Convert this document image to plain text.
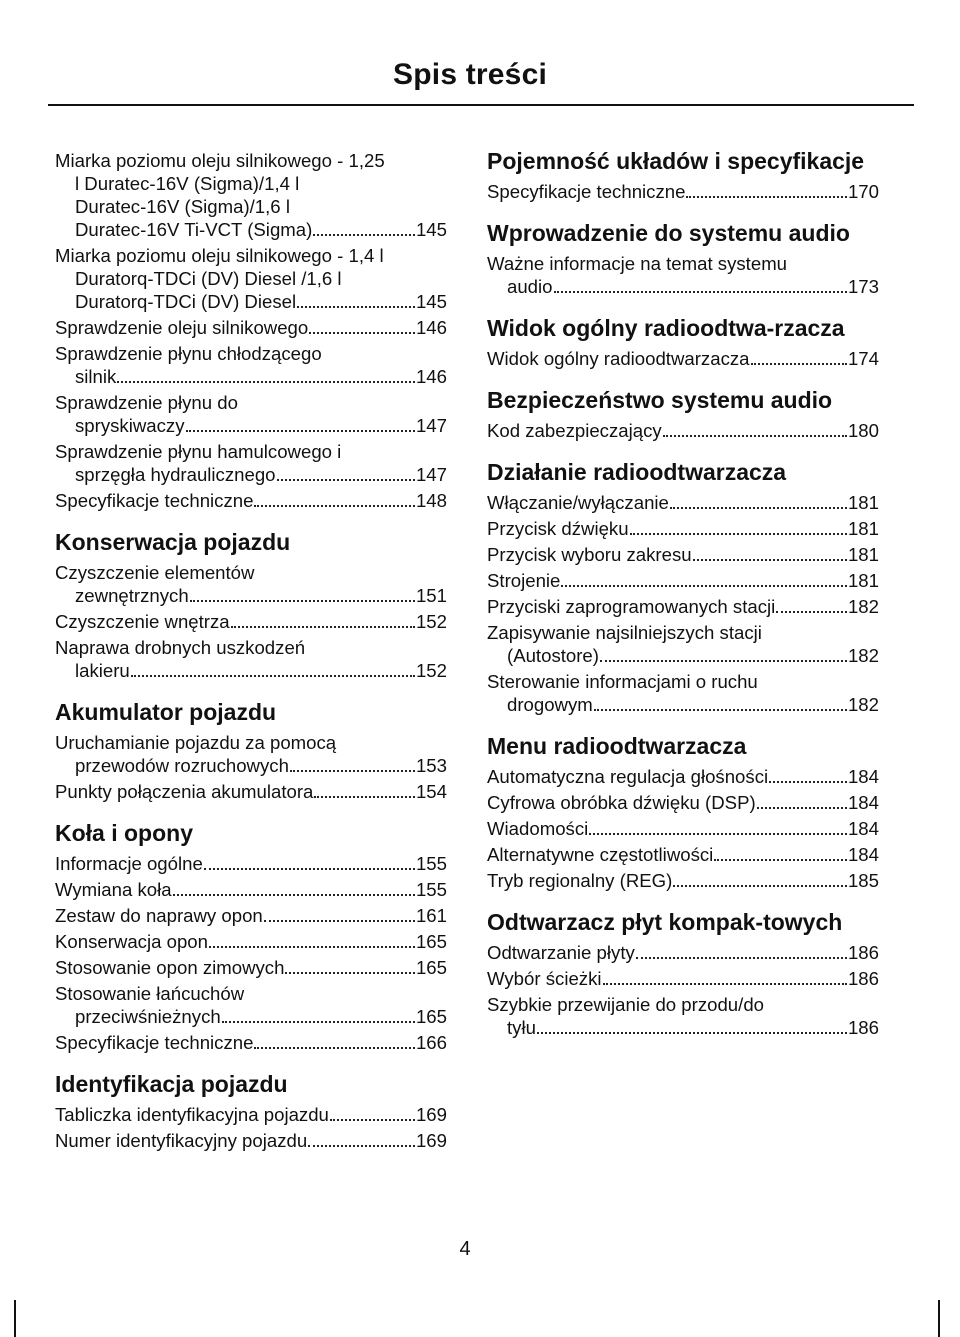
Spis treści
Miarka poziomu oleju silnikowego - 1,25
l Duratec-16V (Sigma)/1,4 l
Duratec-16V (Sigma)/1,6 l
Duratec-16V Ti-VCT (Sigma)	145
Miarka poziomu oleju silnikowego - 1,4 l
Duratorq-TDCi (DV) Diesel /1,6 l
Duratorq-TDCi (DV) Diesel	145
Sprawdzenie oleju silnikowego	146
Sprawdzenie płynu chłodzącego
silnik	146
Sprawdzenie płynu do
spryskiwaczy	147
Sprawdzenie płynu hamulcowego i
sprzęgła hydraulicznego	147
Specyfikacje techniczne	148
Konserwacja pojazdu
Czyszczenie elementów
zewnętrznych	151
Czyszczenie wnętrza	152
Naprawa drobnych uszkodzeń
lakieru	152
Akumulator pojazdu
Uruchamianie pojazdu za pomocą
przewodów rozruchowych	153
Punkty połączenia akumulatora	154
Koła i opony
Informacje ogólne	155
Wymiana koła	155
Zestaw do naprawy opon	161
Konserwacja opon	165
Stosowanie opon zimowych	165
Stosowanie łańcuchów
przeciwśnieżnych	165
Specyfikacje techniczne	166
Identyfikacja pojazdu
Tabliczka identyfikacyjna pojazdu	169
Numer identyfikacyjny pojazdu	169
Pojemność układów i specyfikacje
Specyfikacje techniczne	170
Wprowadzenie do systemu audio
Ważne informacje na temat systemu
audio	173
Widok ogólny radioodtwa-rzacza
Widok ogólny radioodtwarzacza	174
Bezpieczeństwo systemu audio
Kod zabezpieczający	180
Działanie radioodtwarzacza
Włączanie/wyłączanie	181
Przycisk dźwięku	181
Przycisk wyboru zakresu	181
Strojenie	181
Przyciski zaprogramowanych stacji	182
Zapisywanie najsilniejszych stacji
(Autostore)	182
Sterowanie informacjami o ruchu
drogowym	182
Menu radioodtwarzacza
Automatyczna regulacja głośności	184
Cyfrowa obróbka dźwięku (DSP)	184
Wiadomości	184
Alternatywne częstotliwości	184
Tryb regionalny (REG)	185
Odtwarzacz płyt kompak-towych
Odtwarzanie płyty	186
Wybór ścieżki	186
Szybkie przewijanie do przodu/do
tyłu	186
4
